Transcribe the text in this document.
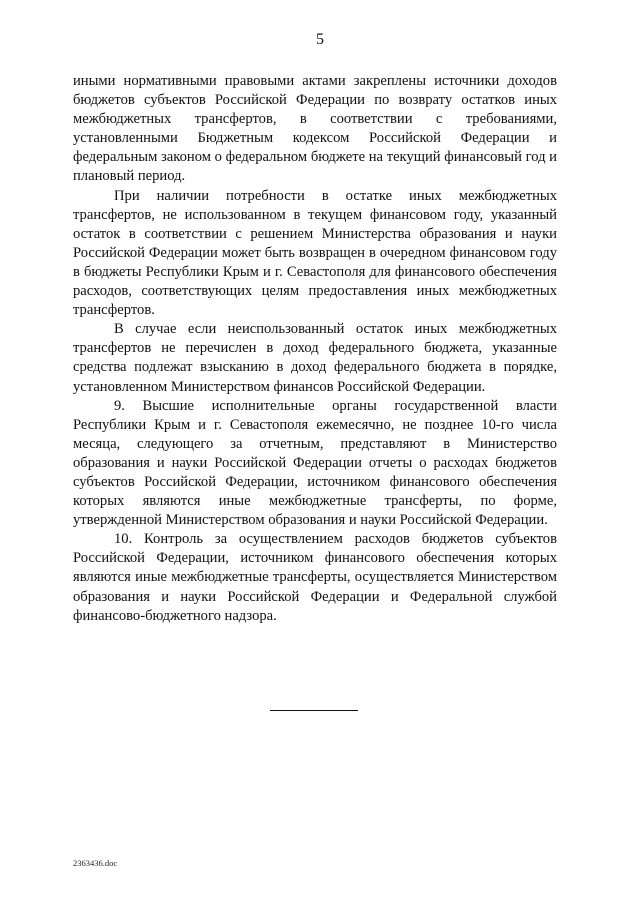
5

иными нормативными правовыми актами закреплены источники доходов бюджетов субъектов Российской Федерации по возврату остатков иных межбюджетных трансфертов, в соответствии с требованиями, установленными Бюджетным кодексом Российской Федерации и федеральным законом о федеральном бюджете на текущий финансовый год и плановый период.

При наличии потребности в остатке иных межбюджетных трансфертов, не использованном в текущем финансовом году, указанный остаток в соответствии с решением Министерства образования и науки Российской Федерации может быть возвращен в очередном финансовом году в бюджеты Республики Крым и г. Севастополя для финансового обеспечения расходов, соответствующих целям предоставления иных межбюджетных трансфертов.

В случае если неиспользованный остаток иных межбюджетных трансфертов не перечислен в доход федерального бюджета, указанные средства подлежат взысканию в доход федерального бюджета в порядке, установленном Министерством финансов Российской Федерации.

9. Высшие исполнительные органы государственной власти Республики Крым и г. Севастополя ежемесячно, не позднее 10-го числа месяца, следующего за отчетным, представляют в Министерство образования и науки Российской Федерации отчеты о расходах бюджетов субъектов Российской Федерации, источником финансового обеспечения которых являются иные межбюджетные трансферты, по форме, утвержденной Министерством образования и науки Российской Федерации.

10. Контроль за осуществлением расходов бюджетов субъектов Российской Федерации, источником финансового обеспечения которых являются иные межбюджетные трансферты, осуществляется Министерством образования и науки Российской Федерации и Федеральной службой финансово-бюджетного надзора.

2363436.doc
